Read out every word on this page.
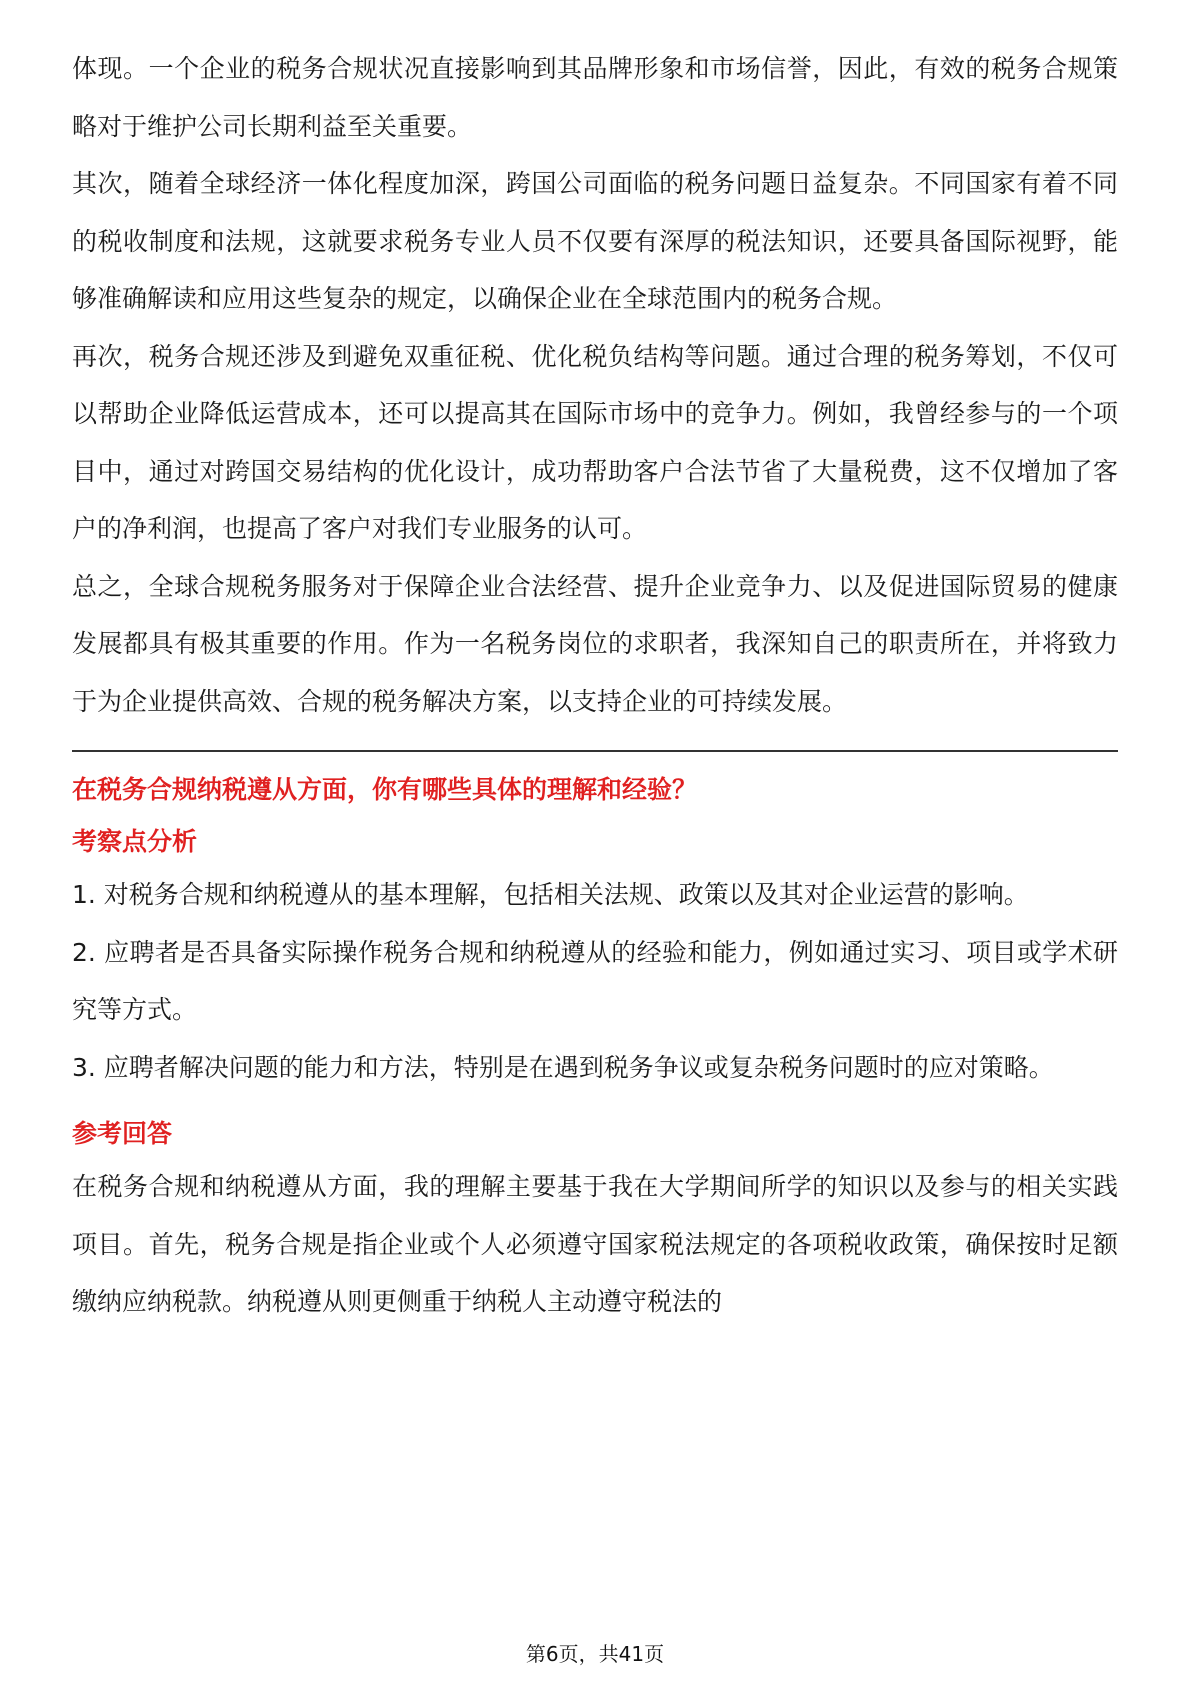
体现。一个企业的税务合规状况直接影响到其品牌形象和市场信誉，因此，有效的税务合规策略对于维护公司长期利益至关重要。

其次，随着全球经济一体化程度加深，跨国公司面临的税务问题日益复杂。不同国家有着不同的税收制度和法规，这就要求税务专业人员不仅要有深厚的税法知识，还要具备国际视野，能够准确解读和应用这些复杂的规定，以确保企业在全球范围内的税务合规。

再次，税务合规还涉及到避免双重征税、优化税负结构等问题。通过合理的税务筹划，不仅可以帮助企业降低运营成本，还可以提高其在国际市场中的竞争力。例如，我曾经参与的一个项目中，通过对跨国交易结构的优化设计，成功帮助客户合法节省了大量税费，这不仅增加了客户的净利润，也提高了客户对我们专业服务的认可。

总之，全球合规税务服务对于保障企业合法经营、提升企业竞争力、以及促进国际贸易的健康发展都具有极其重要的作用。作为一名税务岗位的求职者，我深知自己的职责所在，并将致力于为企业提供高效、合规的税务解决方案，以支持企业的可持续发展。

在税务合规纳税遵从方面，你有哪些具体的理解和经验？

考察点分析

1. 对税务合规和纳税遵从的基本理解，包括相关法规、政策以及其对企业运营的影响。

2. 应聘者是否具备实际操作税务合规和纳税遵从的经验和能力，例如通过实习、项目或学术研究等方式。

3. 应聘者解决问题的能力和方法，特别是在遇到税务争议或复杂税务问题时的应对策略。

参考回答

在税务合规和纳税遵从方面，我的理解主要基于我在大学期间所学的知识以及参与的相关实践项目。首先，税务合规是指企业或个人必须遵守国家税法规定的各项税收政策，确保按时足额缴纳应纳税款。纳税遵从则更侧重于纳税人主动遵守税法的

第6页，共41页
